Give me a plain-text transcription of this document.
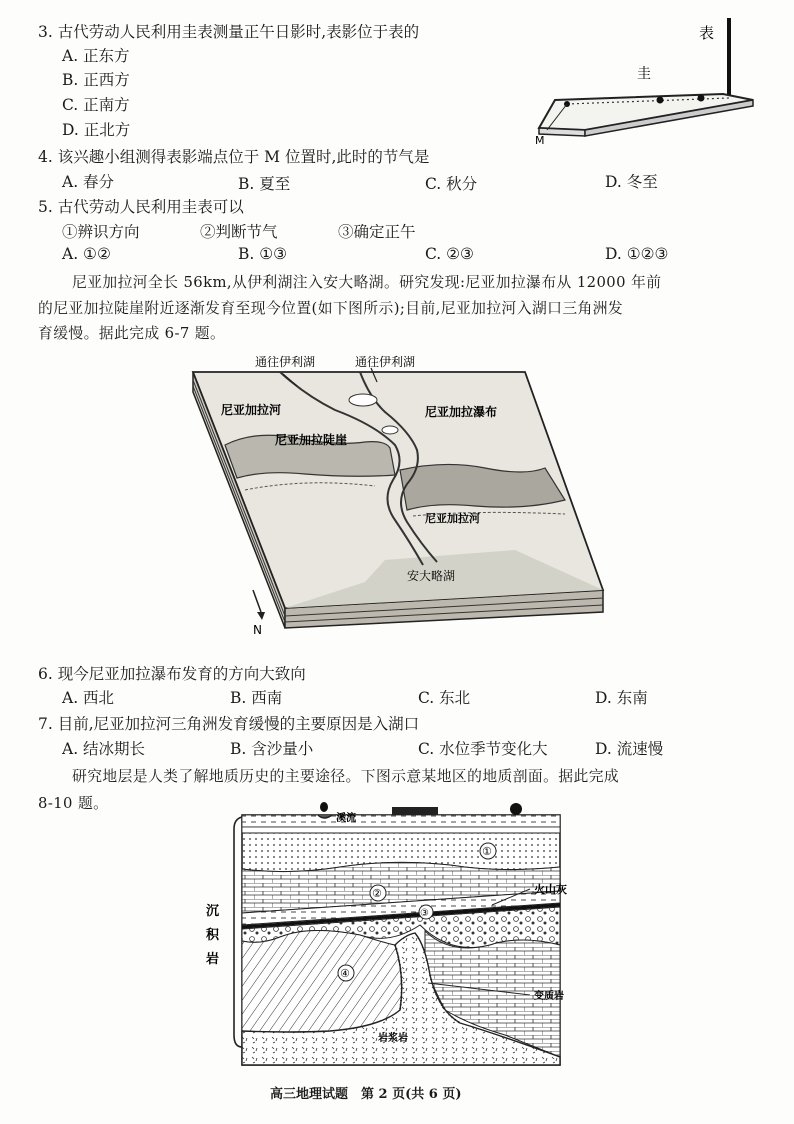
3. 古代劳动人民利用圭表测量正午日影时,表影位于表的
A. 正东方
B. 正西方
C. 正南方
D. 正北方
表
圭
M
4. 该兴趣小组测得表影端点位于 M 位置时,此时的节气是
A. 春分	B. 夏至	C. 秋分	D. 冬至
5. 古代劳动人民利用圭表可以
①辨识方向	②判断节气	③确定正午
A. ①②	B. ①③	C. ②③	D. ①②③
尼亚加拉河全长 56km,从伊利湖注入安大略湖。研究发现:尼亚加拉瀑布从 12000 年前
的尼亚加拉陡崖附近逐渐发育至现今位置(如下图所示);目前,尼亚加拉河入湖口三角洲发
育缓慢。据此完成 6-7 题。
通往伊利湖	通往伊利湖
尼亚加拉河	尼亚加拉瀑布
尼亚加拉陡崖
尼亚加拉河
安大略湖
N
6. 现今尼亚加拉瀑布发育的方向大致向
A. 西北	B. 西南	C. 东北	D. 东南
7. 目前,尼亚加拉河三角洲发育缓慢的主要原因是入湖口
A. 结冰期长	B. 含沙量小	C. 水位季节变化大	D. 流速慢
研究地层是人类了解地质历史的主要途径。下图示意某地区的地质剖面。据此完成
8-10 题。
①
②
③
④
溪流
火山灰
变质岩
岩浆岩
沉
积
岩
高三地理试题　第 2 页(共 6 页)
